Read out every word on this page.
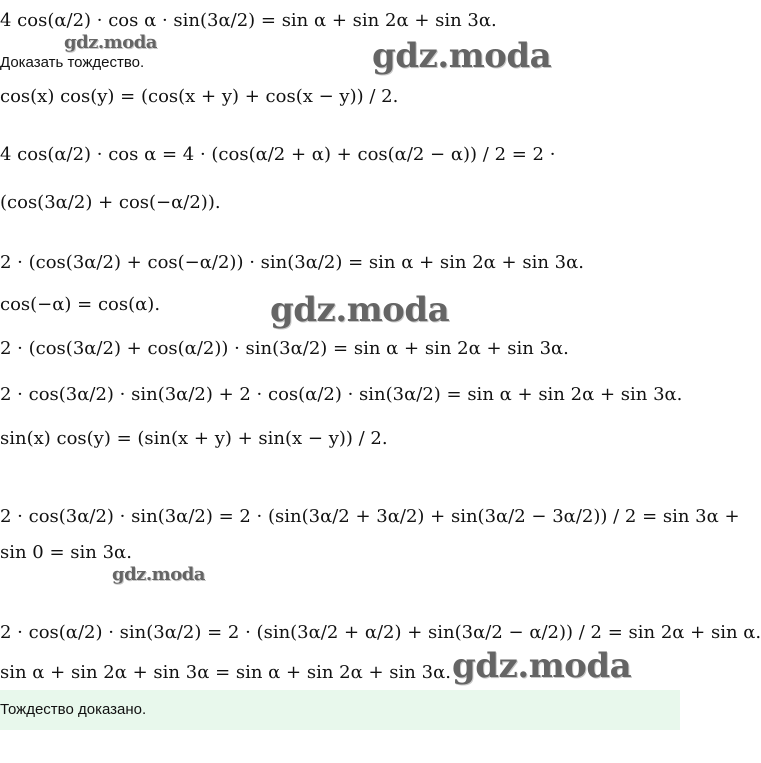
4 cos(α/2) · cos α · sin(3α/2) = sin α + sin 2α + sin 3α.
gdz.moda
Доказать тождество.	gdz.moda
cos(x) cos(y) = (cos(x + y) + cos(x − y)) / 2.
4 cos(α/2) · cos α = 4 · (cos(α/2 + α) + cos(α/2 − α)) / 2 = 2 ·
(cos(3α/2) + cos(−α/2)).
2 · (cos(3α/2) + cos(−α/2)) · sin(3α/2) = sin α + sin 2α + sin 3α.
cos(−α) = cos(α).	gdz.moda
2 · (cos(3α/2) + cos(α/2)) · sin(3α/2) = sin α + sin 2α + sin 3α.
2 · cos(3α/2) · sin(3α/2) + 2 · cos(α/2) · sin(3α/2) = sin α + sin 2α + sin 3α.
sin(x) cos(y) = (sin(x + y) + sin(x − y)) / 2.
2 · cos(3α/2) · sin(3α/2) = 2 · (sin(3α/2 + 3α/2) + sin(3α/2 − 3α/2)) / 2 = sin 3α +
sin 0 = sin 3α.
gdz.moda
2 · cos(α/2) · sin(3α/2) = 2 · (sin(3α/2 + α/2) + sin(3α/2 − α/2)) / 2 = sin 2α + sin α.
sin α + sin 2α + sin 3α = sin α + sin 2α + sin 3α. gdz.moda
Тождество доказано.
